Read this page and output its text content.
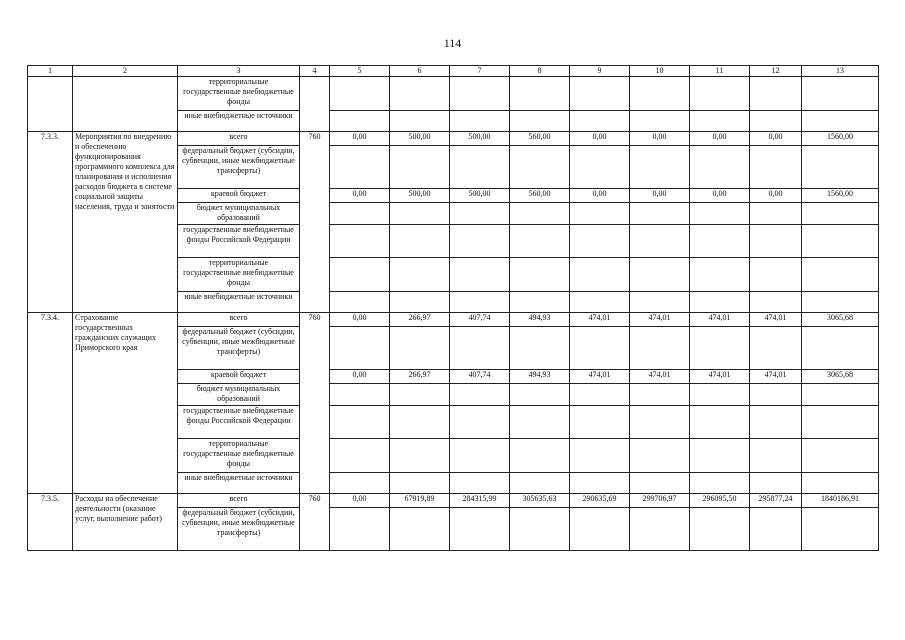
114
1	2	3	4	5	6	7	8	9	10	11	12	13
		территориальные государственные внебюджетные фонды										
		иные внебюджетные источники										
7.3.3.	Мероприятия по внедрению и обеспечению функционирования программного комплекса для планирования и исполнения расходов бюджета в системе социальной защиты населения, труда и занятости	всего	760	0,00	500,00	500,00	560,00	0,00	0,00	0,00	0,00	1560,00
		федеральный бюджет (субсидии, субвенции, иные межбюджетные трансферты)										
		краевой бюджет		0,00	500,00	500,00	560,00	0,00	0,00	0,00	0,00	1560,00
		бюджет муниципальных образований										
		государственные внебюджетные фонды Российской Федерации										
		территориальные государственные внебюджетные фонды										
		иные внебюджетные источники										
7.3.4.	Страхование государственных гражданских служащих Приморского края	всего	760	0,00	266,97	407,74	494,93	474,01	474,01	474,01	474,01	3065,68
		федеральный бюджет (субсидии, субвенции, иные межбюджетные трансферты)										
		краевой бюджет		0,00	266,97	407,74	494,93	474,01	474,01	474,01	474,01	3065,68
		бюджет муниципальных образований										
		государственные внебюджетные фонды Российской Федерации										
		территориальные государственные внебюджетные фонды										
		иные внебюджетные источники										
7.3.5.	Расходы на обеспечение деятельности (оказание услуг, выполнение работ)	всего	760	0,00	67919,89	284315,99	305635,63	290635,69	299706,97	296095,50	295877,24	1840186,91
		федеральный бюджет (субсидии, субвенции, иные межбюджетные трансферты)										
